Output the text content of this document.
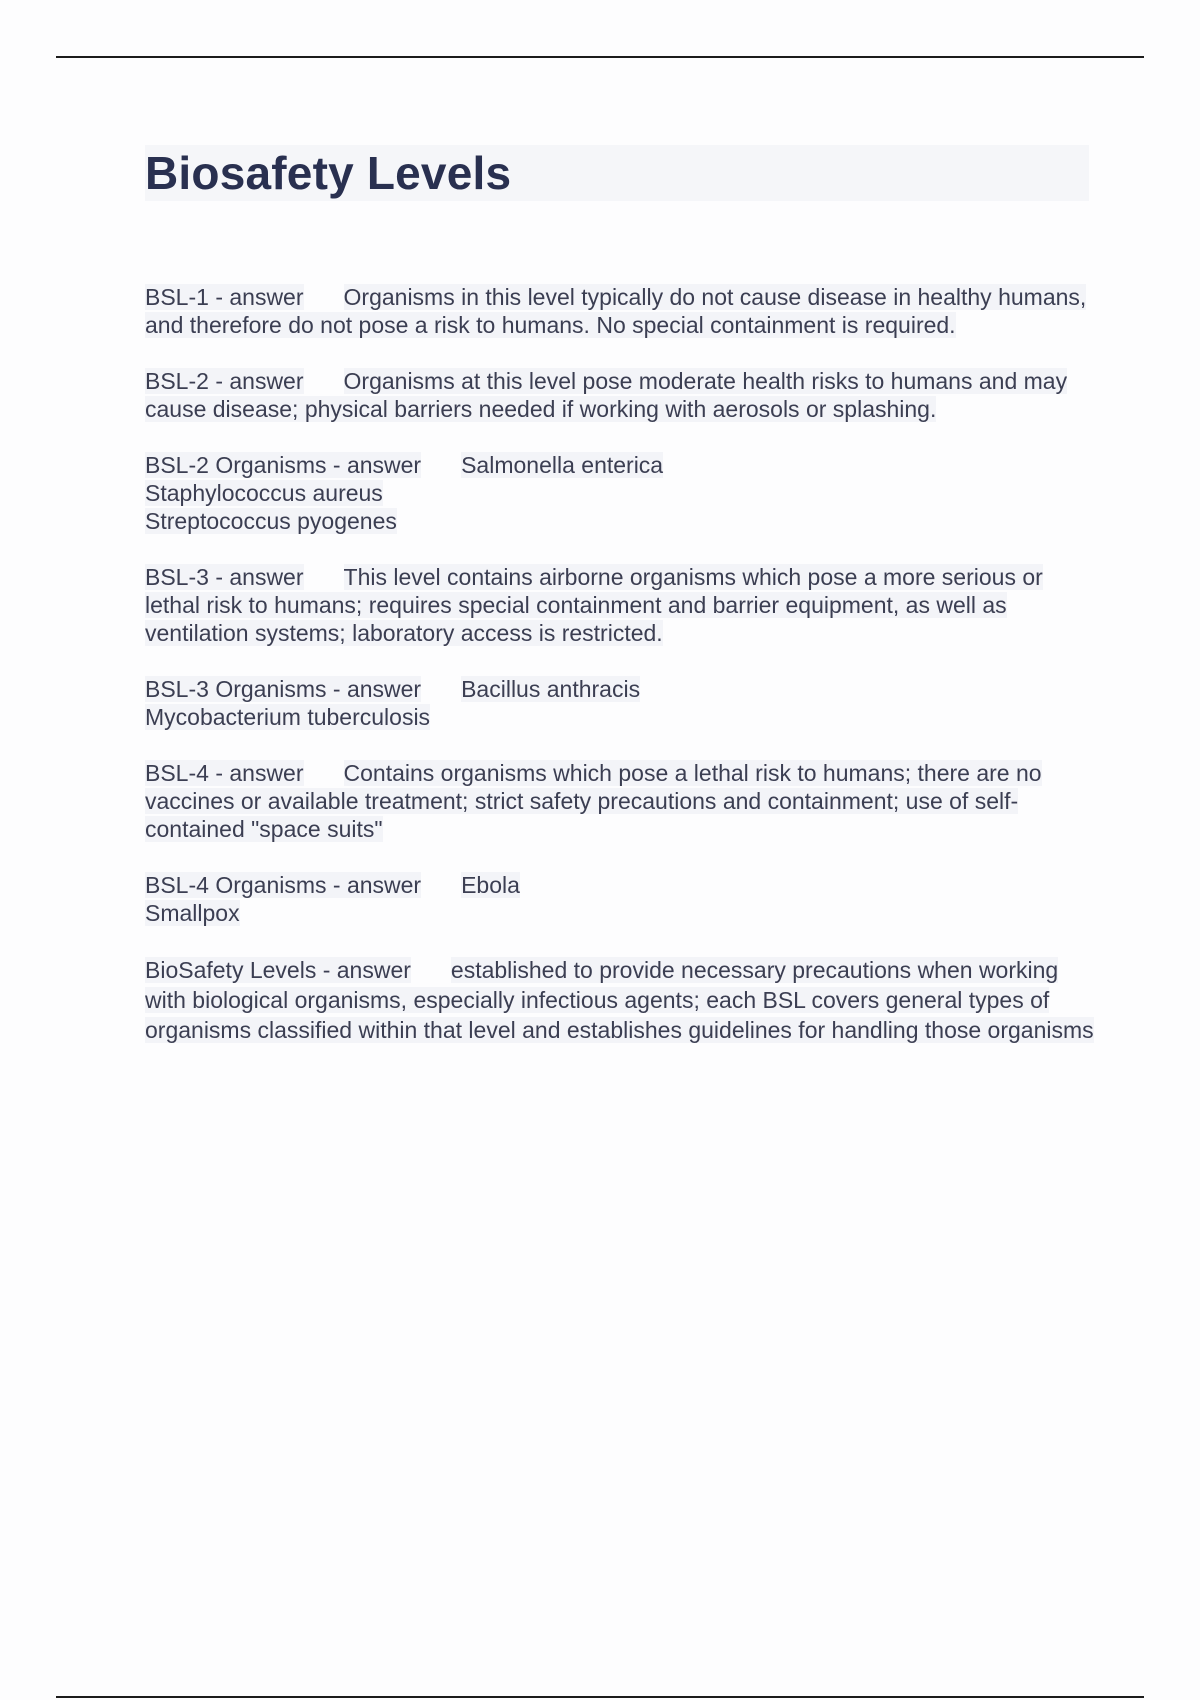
Biosafety Levels

BSL-1 - answer Organisms in this level typically do not cause disease in healthy humans, and therefore do not pose a risk to humans. No special containment is required.

BSL-2 - answer Organisms at this level pose moderate health risks to humans and may cause disease; physical barriers needed if working with aerosols or splashing.

BSL-2 Organisms - answer Salmonella enterica
Staphylococcus aureus
Streptococcus pyogenes

BSL-3 - answer This level contains airborne organisms which pose a more serious or lethal risk to humans; requires special containment and barrier equipment, as well as ventilation systems; laboratory access is restricted.

BSL-3 Organisms - answer Bacillus anthracis
Mycobacterium tuberculosis

BSL-4 - answer Contains organisms which pose a lethal risk to humans; there are no vaccines or available treatment; strict safety precautions and containment; use of self-contained "space suits"

BSL-4 Organisms - answer Ebola
Smallpox

BioSafety Levels - answer established to provide necessary precautions when working with biological organisms, especially infectious agents; each BSL covers general types of organisms classified within that level and establishes guidelines for handling those organisms
